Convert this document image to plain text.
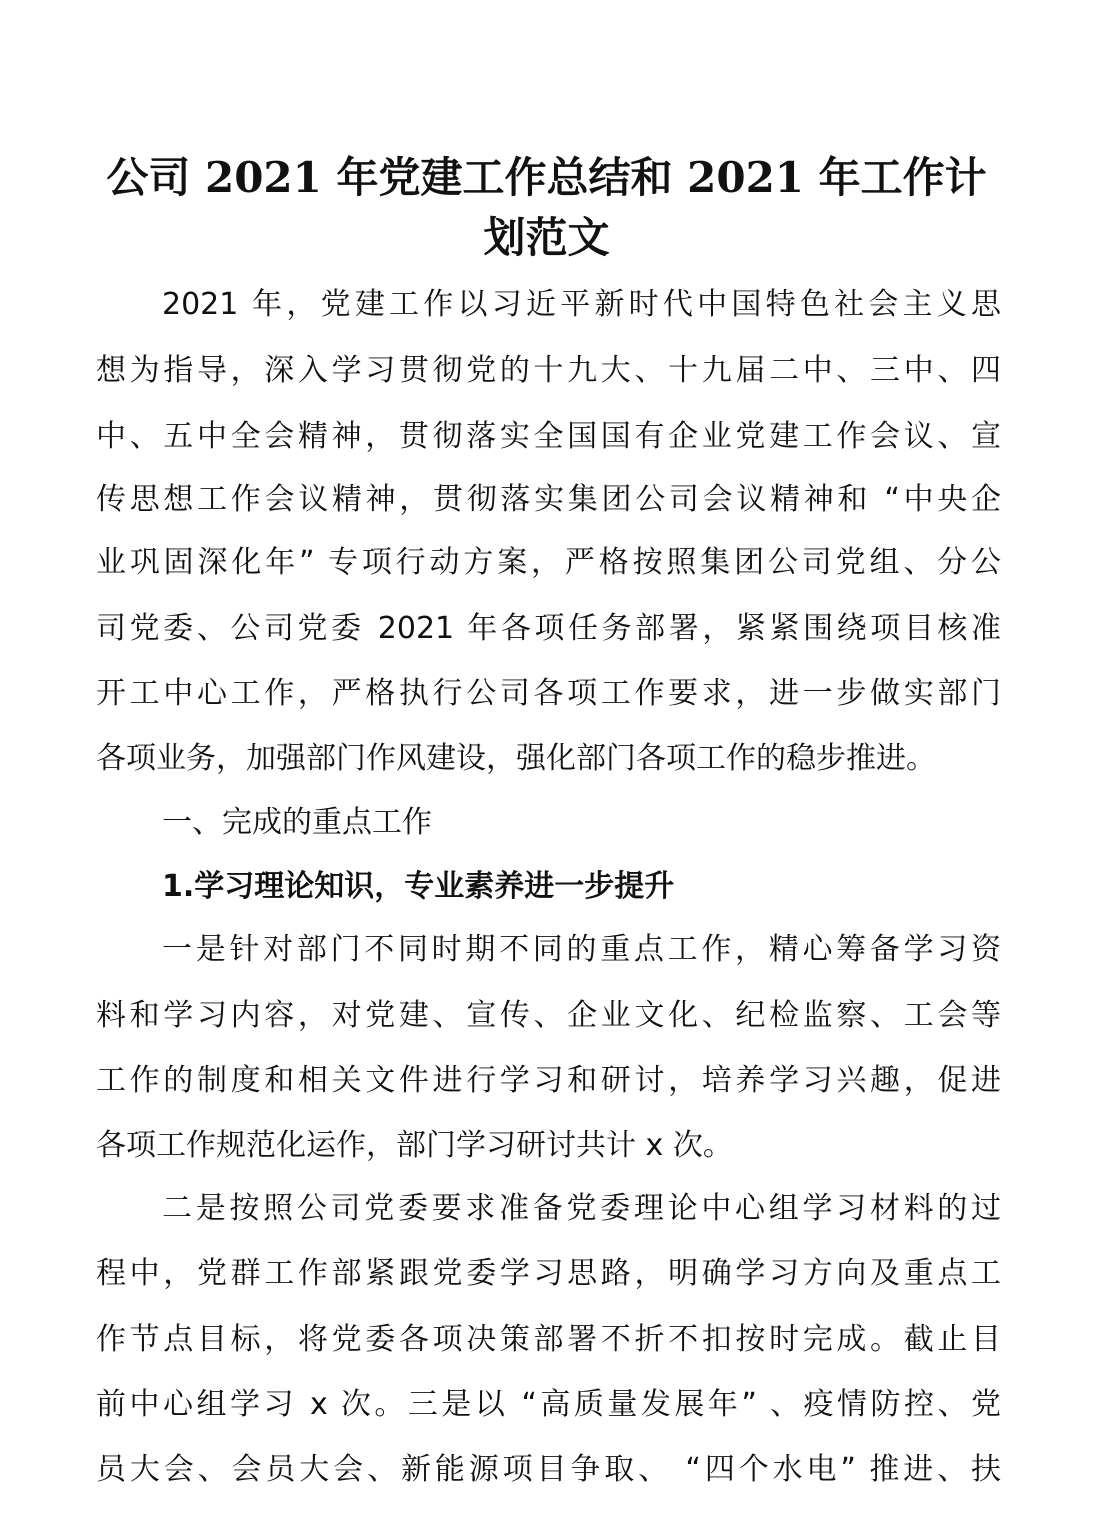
公司 2021 年党建工作总结和 2021 年工作计
划范文

2021 年，党建工作以习近平新时代中国特色社会主义思

想为指导，深入学习贯彻党的十九大、十九届二中、三中、四

中、五中全会精神，贯彻落实全国国有企业党建工作会议、宣

传思想工作会议精神，贯彻落实集团公司会议精神和 “中央企

业巩固深化年” 专项行动方案，严格按照集团公司党组、分公

司党委、公司党委 2021 年各项任务部署，紧紧围绕项目核准

开工中心工作，严格执行公司各项工作要求，进一步做实部门

各项业务，加强部门作风建设，强化部门各项工作的稳步推进。

一、完成的重点工作

1.学习理论知识，专业素养进一步提升

一是针对部门不同时期不同的重点工作，精心筹备学习资

料和学习内容，对党建、宣传、企业文化、纪检监察、工会等

工作的制度和相关文件进行学习和研讨，培养学习兴趣，促进

各项工作规范化运作，部门学习研讨共计 x 次。

二是按照公司党委要求准备党委理论中心组学习材料的过

程中，党群工作部紧跟党委学习思路，明确学习方向及重点工

作节点目标，将党委各项决策部署不折不扣按时完成。截止目

前中心组学习 x 次。三是以 “高质量发展年” 、疫情防控、党

员大会、会员大会、新能源项目争取、 “四个水电” 推进、扶
